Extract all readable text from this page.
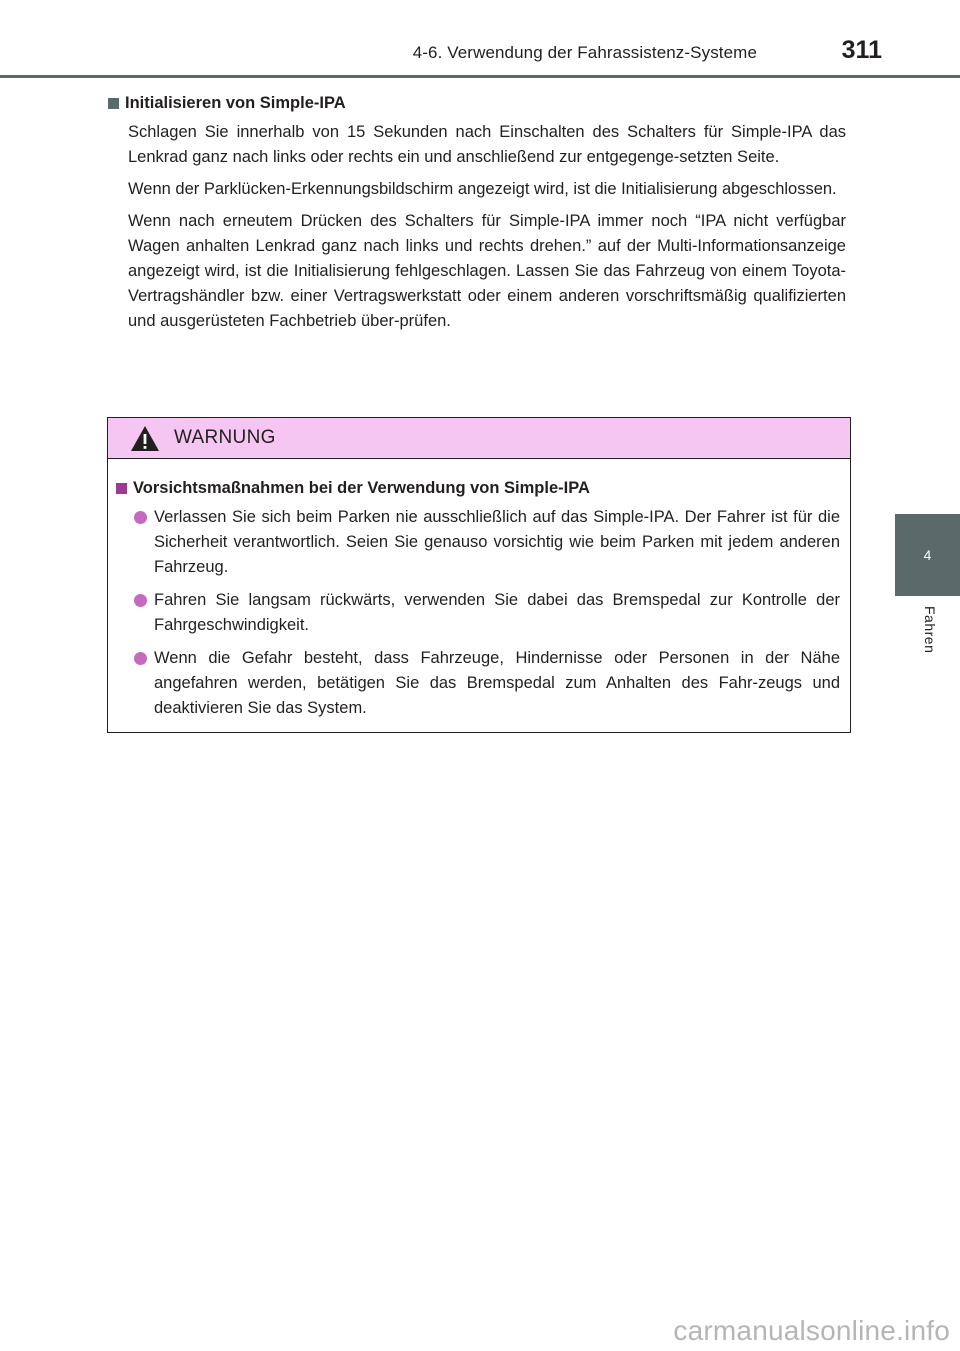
4-6. Verwendung der Fahrassistenz-Systeme	311
4
Fahren
Initialisieren von Simple-IPA

Schlagen Sie innerhalb von 15 Sekunden nach Einschalten des Schalters für Simple-IPA das Lenkrad ganz nach links oder rechts ein und anschließend zur entgegenge-setzten Seite.

Wenn der Parklücken-Erkennungsbildschirm angezeigt wird, ist die Initialisierung abgeschlossen.

Wenn nach erneutem Drücken des Schalters für Simple-IPA immer noch “IPA nicht verfügbar Wagen anhalten Lenkrad ganz nach links und rechts drehen.” auf der Multi-Informationsanzeige angezeigt wird, ist die Initialisierung fehlgeschlagen. Lassen Sie das Fahrzeug von einem Toyota-Vertragshändler bzw. einer Vertragswerkstatt oder einem anderen vorschriftsmäßig qualifizierten und ausgerüsteten Fachbetrieb über-prüfen.

WARNUNG
Vorsichtsmaßnahmen bei der Verwendung von Simple-IPA
Verlassen Sie sich beim Parken nie ausschließlich auf das Simple-IPA. Der Fahrer ist für die Sicherheit verantwortlich. Seien Sie genauso vorsichtig wie beim Parken mit jedem anderen Fahrzeug.
Fahren Sie langsam rückwärts, verwenden Sie dabei das Bremspedal zur Kontrolle der Fahrgeschwindigkeit.
Wenn die Gefahr besteht, dass Fahrzeuge, Hindernisse oder Personen in der Nähe angefahren werden, betätigen Sie das Bremspedal zum Anhalten des Fahr-zeugs und deaktivieren Sie das System.
carmanualsonline.info
